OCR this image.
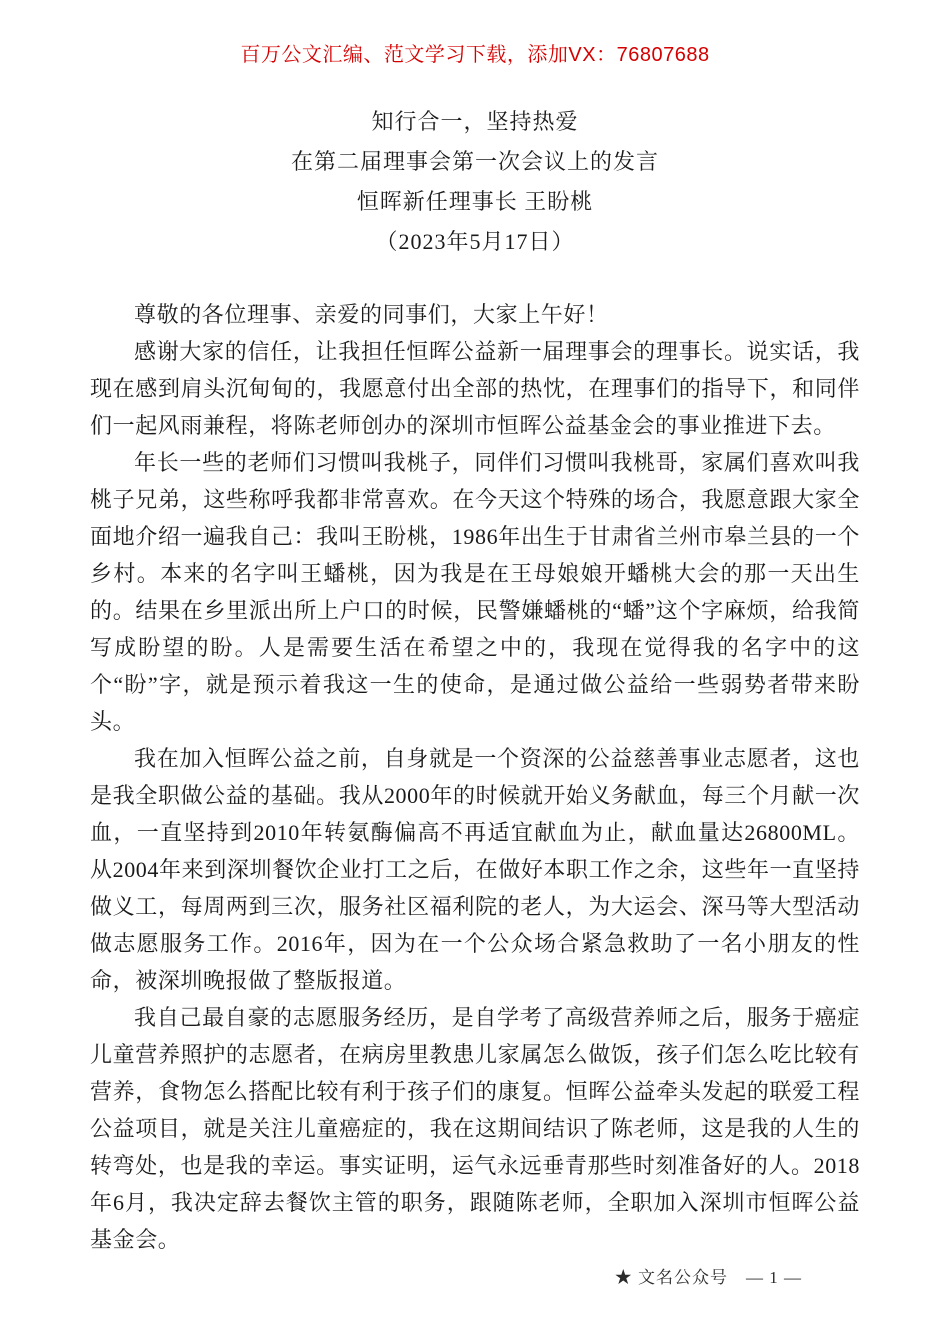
百万公文汇编、范文学习下载，添加VX：76807688
知行合一，坚持热爱
在第二届理事会第一次会议上的发言
恒晖新任理事长 王盼桃
（2023年5月17日）

尊敬的各位理事、亲爱的同事们，大家上午好！

感谢大家的信任，让我担任恒晖公益新一届理事会的理事长。说实话，我现在感到肩头沉甸甸的，我愿意付出全部的热忱，在理事们的指导下，和同伴们一起风雨兼程，将陈老师创办的深圳市恒晖公益基金会的事业推进下去。

年长一些的老师们习惯叫我桃子，同伴们习惯叫我桃哥，家属们喜欢叫我桃子兄弟，这些称呼我都非常喜欢。在今天这个特殊的场合，我愿意跟大家全面地介绍一遍我自己：我叫王盼桃，1986年出生于甘肃省兰州市皋兰县的一个乡村。本来的名字叫王蟠桃，因为我是在王母娘娘开蟠桃大会的那一天出生的。结果在乡里派出所上户口的时候，民警嫌蟠桃的“蟠”这个字麻烦，给我简写成盼望的盼。人是需要生活在希望之中的，我现在觉得我的名字中的这个“盼”字，就是预示着我这一生的使命，是通过做公益给一些弱势者带来盼头。

我在加入恒晖公益之前，自身就是一个资深的公益慈善事业志愿者，这也是我全职做公益的基础。我从2000年的时候就开始义务献血，每三个月献一次血，一直坚持到2010年转氨酶偏高不再适宜献血为止，献血量达26800ML。从2004年来到深圳餐饮企业打工之后，在做好本职工作之余，这些年一直坚持做义工，每周两到三次，服务社区福利院的老人，为大运会、深马等大型活动做志愿服务工作。2016年，因为在一个公众场合紧急救助了一名小朋友的性命，被深圳晚报做了整版报道。

我自己最自豪的志愿服务经历，是自学考了高级营养师之后，服务于癌症儿童营养照护的志愿者，在病房里教患儿家属怎么做饭，孩子们怎么吃比较有营养，食物怎么搭配比较有利于孩子们的康复。恒晖公益牵头发起的联爱工程公益项目，就是关注儿童癌症的，我在这期间结识了陈老师，这是我的人生的转弯处，也是我的幸运。事实证明，运气永远垂青那些时刻准备好的人。2018年6月，我决定辞去餐饮主管的职务，跟随陈老师，全职加入深圳市恒晖公益基金会。

★ 文名公众号 — 1 —
